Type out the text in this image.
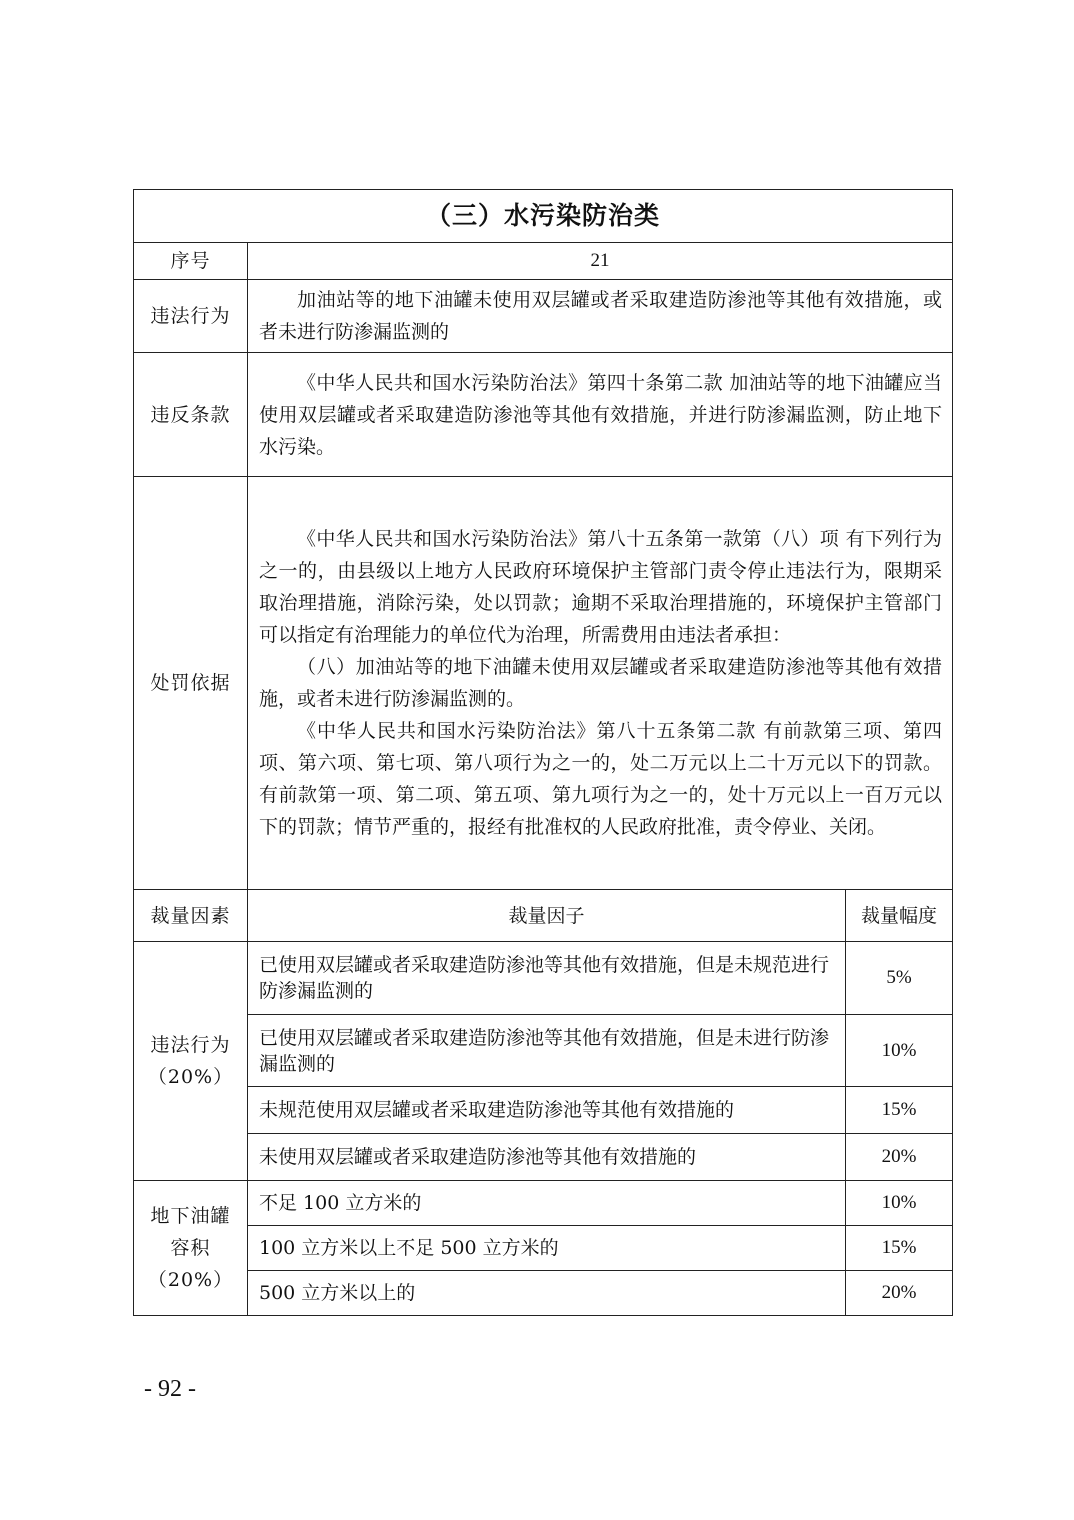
（三）水污染防治类		
序号	21	
违法行为	加油站等的地下油罐未使用双层罐或者采取建造防渗池等其他有效措施，或者未进行防渗漏监测的	

违反条款	《中华人民共和国水污染防治法》第四十条第二款 加油站等的地下油罐应当使用双层罐或者采取建造防渗池等其他有效措施，并进行防渗漏监测，防止地下水污染。	

处罚依据	《中华人民共和国水污染防治法》第八十五条第一款第（八）项 有下列行为之一的，由县级以上地方人民政府环境保护主管部门责令停止违法行为，限期采取治理措施，消除污染，处以罚款；逾期不采取治理措施的，环境保护主管部门可以指定有治理能力的单位代为治理，所需费用由违法者承担：

（八）加油站等的地下油罐未使用双层罐或者采取建造防渗池等其他有效措施，或者未进行防渗漏监测的。

《中华人民共和国水污染防治法》第八十五条第二款 有前款第三项、第四项、第六项、第七项、第八项行为之一的，处二万元以上二十万元以下的罚款。有前款第一项、第二项、第五项、第九项行为之一的，处十万元以上一百万元以下的罚款；情节严重的，报经有批准权的人民政府批准，责令停业、关闭。	

裁量因素	裁量因子	裁量幅度

违法行为
（20%）	已使用双层罐或者采取建造防渗池等其他有效措施，但是未规范进行防渗漏监测的	5%
	已使用双层罐或者采取建造防渗池等其他有效措施，但是未进行防渗漏监测的	10%
	未规范使用双层罐或者采取建造防渗池等其他有效措施的	15%
	未使用双层罐或者采取建造防渗池等其他有效措施的	20%

地下油罐
容积
（20%）	不足 100 立方米的	10%
	100 立方米以上不足 500 立方米的	15%
	500 立方米以上的	20%
- 92 -
